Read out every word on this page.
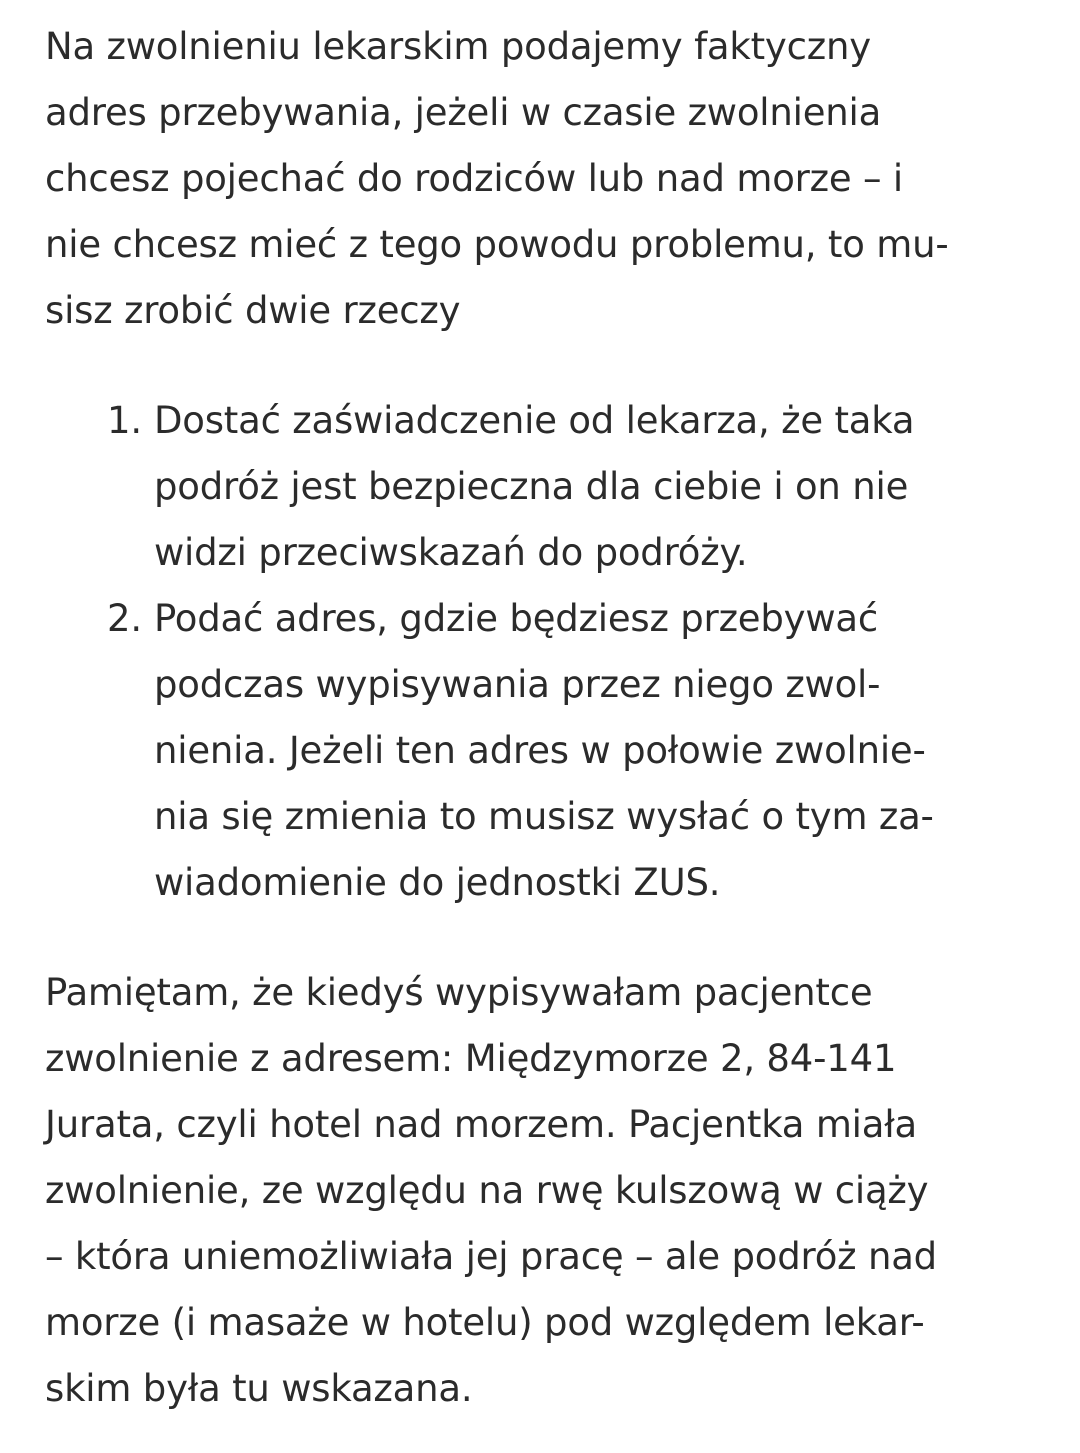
Na zwolnieniu lekarskim podajemy faktyczny
adres przebywania, jeżeli w czasie zwolnienia
chcesz pojechać do rodziców lub nad morze – i
nie chcesz mieć z tego powodu problemu, to mu-
sisz zrobić dwie rzeczy

1. Dostać zaświadczenie od lekarza, że taka
podróż jest bezpieczna dla ciebie i on nie
widzi przeciwskazań do podróży.
2. Podać adres, gdzie będziesz przebywać
podczas wypisywania przez niego zwol-
nienia. Jeżeli ten adres w połowie zwolnie-
nia się zmienia to musisz wysłać o tym za-
wiadomienie do jednostki ZUS.

Pamiętam, że kiedyś wypisywałam pacjentce
zwolnienie z adresem: Międzymorze 2, 84-141
Jurata, czyli hotel nad morzem. Pacjentka miała
zwolnienie, ze względu na rwę kulszową w ciąży
– która uniemożliwiała jej pracę – ale podróż nad
morze (i masaże w hotelu) pod względem lekar-
skim była tu wskazana.
